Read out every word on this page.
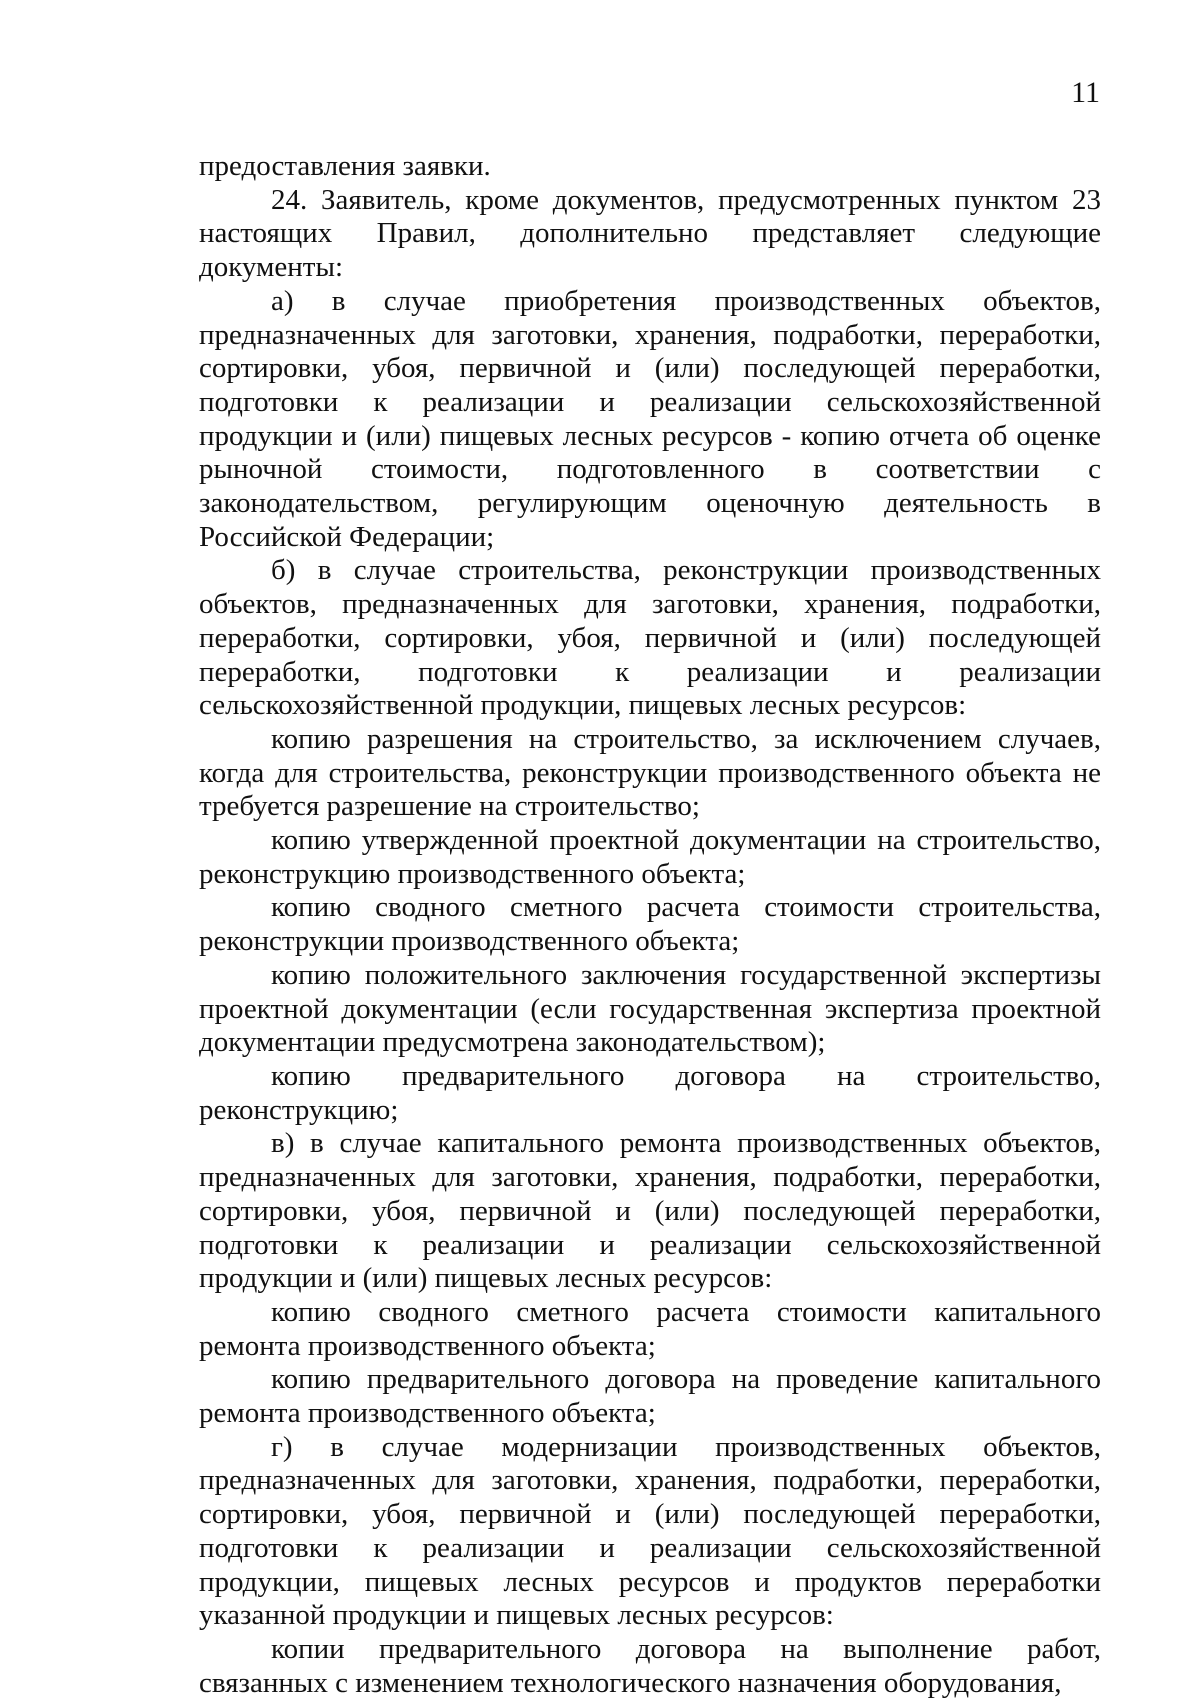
11

предоставления заявки.

24. Заявитель, кроме документов, предусмотренных пунктом 23 настоящих Правил, дополнительно представляет следующие документы:

а) в случае приобретения производственных объектов, предназначенных для заготовки, хранения, подработки, переработки, сортировки, убоя, первичной и (или) последующей переработки, подготовки к реализации и реализации сельскохозяйственной продукции и (или) пищевых лесных ресурсов - копию отчета об оценке рыночной стоимости, подготовленного в соответствии с законодательством, регулирующим оценочную деятельность в Российской Федерации;

б) в случае строительства, реконструкции производственных объектов, предназначенных для заготовки, хранения, подработки, переработки, сортировки, убоя, первичной и (или) последующей переработки, подготовки к реализации и реализации сельскохозяйственной продукции, пищевых лесных ресурсов:

копию разрешения на строительство, за исключением случаев, когда для строительства, реконструкции производственного объекта не требуется разрешение на строительство;

копию утвержденной проектной документации на строительство, реконструкцию производственного объекта;

копию сводного сметного расчета стоимости строительства, реконструкции производственного объекта;

копию положительного заключения государственной экспертизы проектной документации (если государственная экспертиза проектной документации предусмотрена законодательством);

копию предварительного договора на строительство, реконструкцию;

в) в случае капитального ремонта производственных объектов, предназначенных для заготовки, хранения, подработки, переработки, сортировки, убоя, первичной и (или) последующей переработки, подготовки к реализации и реализации сельскохозяйственной продукции и (или) пищевых лесных ресурсов:

копию сводного сметного расчета стоимости капитального ремонта производственного объекта;

копию предварительного договора на проведение капитального ремонта производственного объекта;

г) в случае модернизации производственных объектов, предназначенных для заготовки, хранения, подработки, переработки, сортировки, убоя, первичной и (или) последующей переработки, подготовки к реализации и реализации сельскохозяйственной продукции, пищевых лесных ресурсов и продуктов переработки указанной продукции и пищевых лесных ресурсов:

копии предварительного договора на выполнение работ, связанных с изменением технологического назначения оборудования,
